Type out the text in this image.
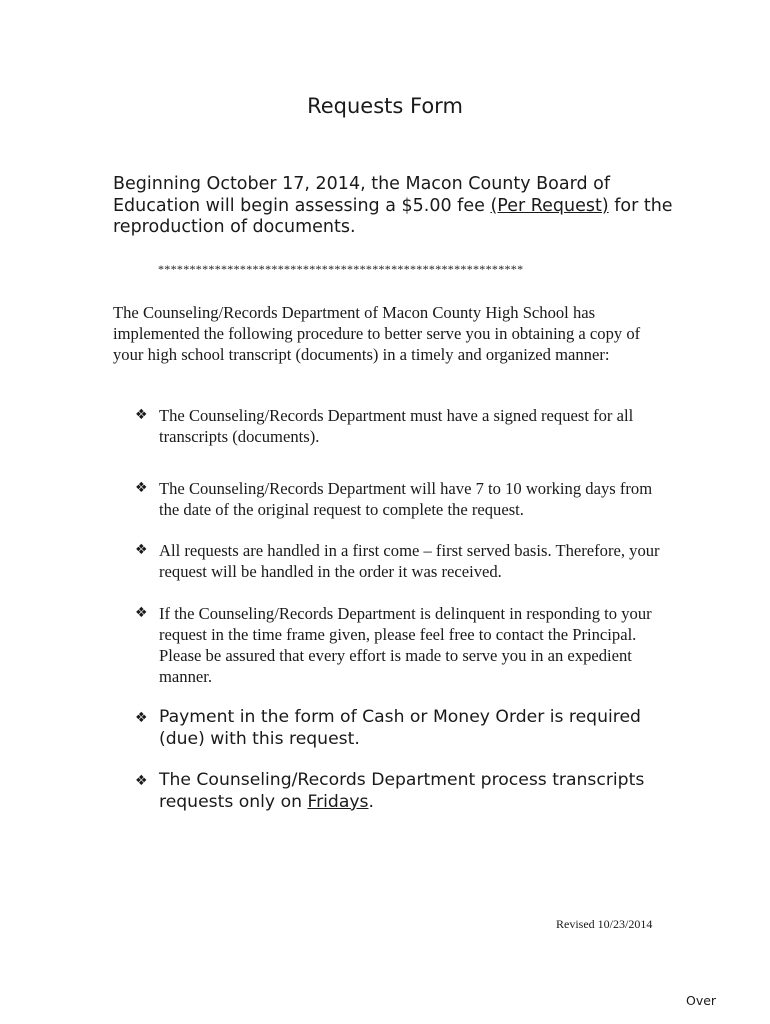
Requests Form
Beginning October 17, 2014, the Macon County Board of Education will begin assessing a $5.00 fee (Per Request) for the reproduction of documents.
**********************************************************
The Counseling/Records Department of Macon County High School has implemented the following procedure to better serve you in obtaining a copy of your high school transcript (documents) in a timely and organized manner:
❖ The Counseling/Records Department must have a signed request for all transcripts (documents).
❖ The Counseling/Records Department will have 7 to 10 working days from the date of the original request to complete the request.
❖ All requests are handled in a first come – first served basis. Therefore, your request will be handled in the order it was received.
❖ If the Counseling/Records Department is delinquent in responding to your request in the time frame given, please feel free to contact the Principal. Please be assured that every effort is made to serve you in an expedient manner.
❖ Payment in the form of Cash or Money Order is required (due) with this request.
❖ The Counseling/Records Department process transcripts requests only on Fridays.
Revised 10/23/2014
Over
